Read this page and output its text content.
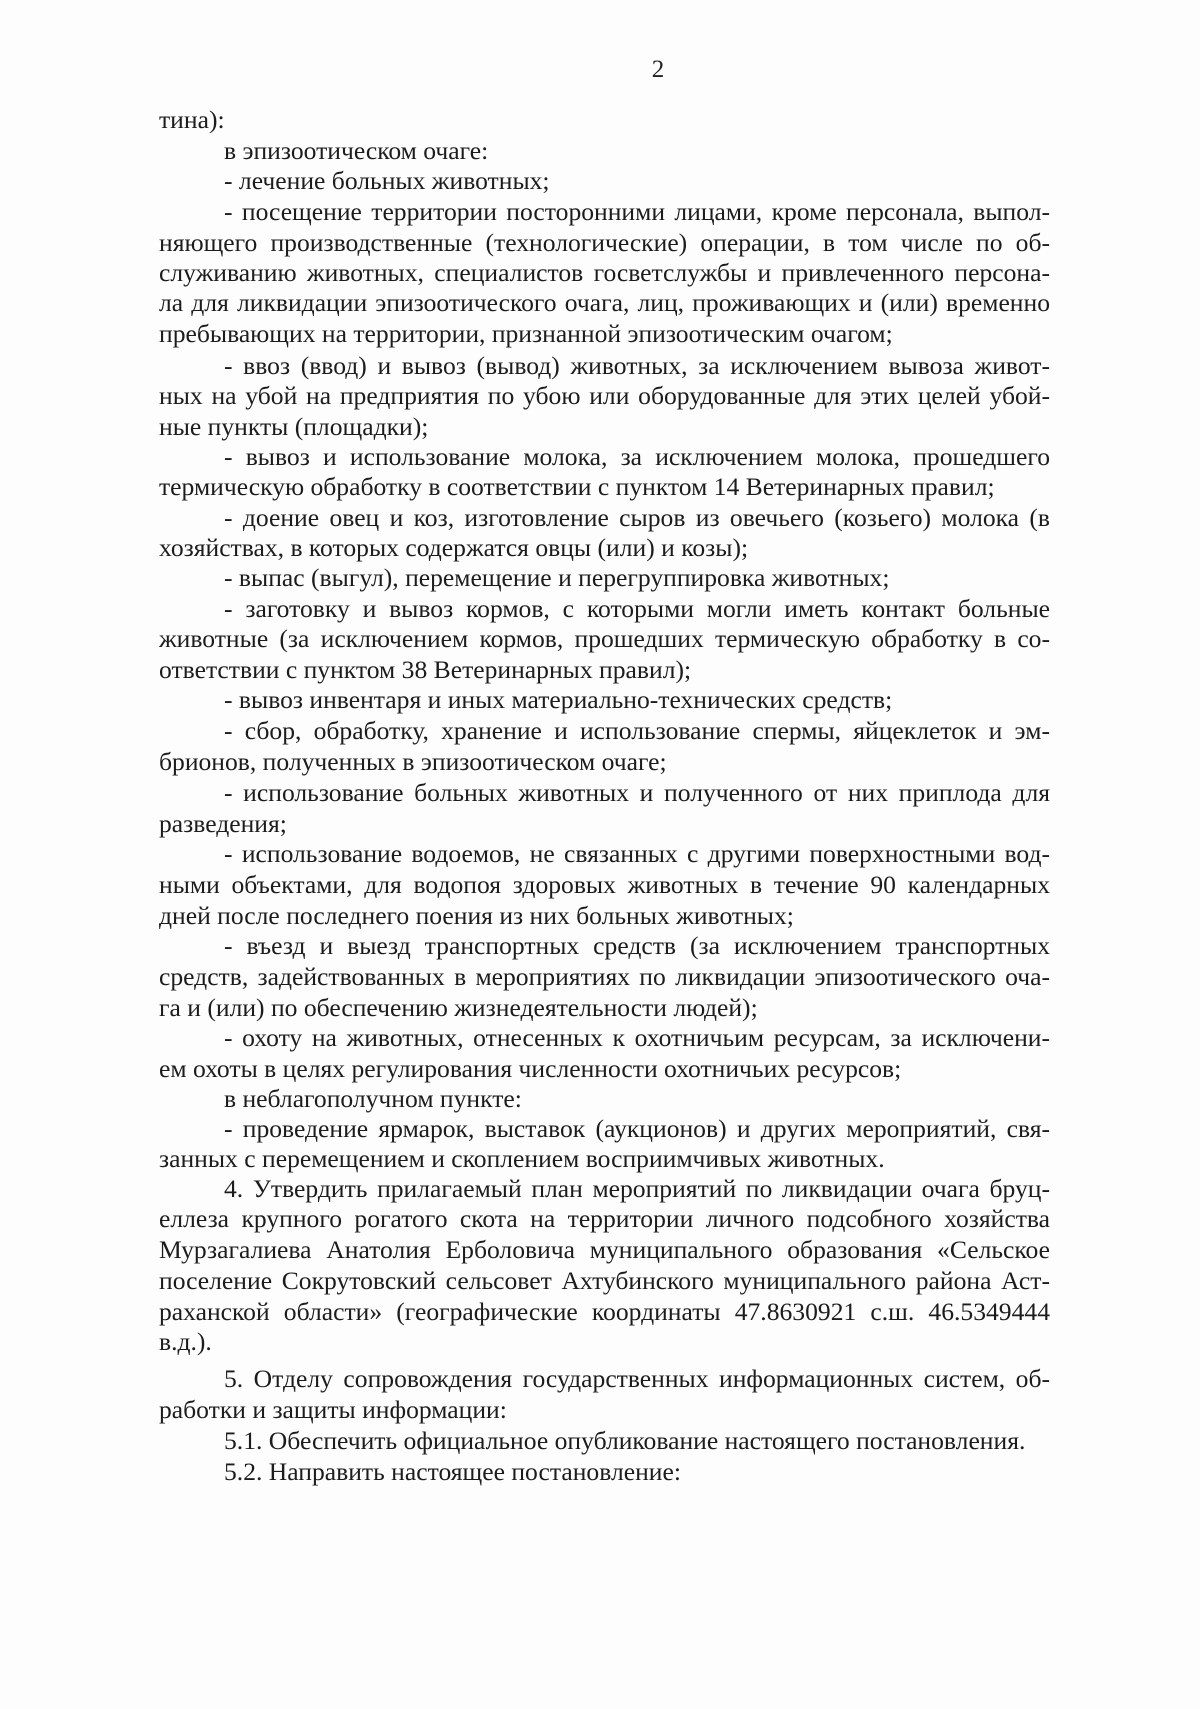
2
тина):
в эпизоотическом очаге:
- лечение больных животных;
- посещение территории посторонними лицами, кроме персонала, выпол-
няющего производственные (технологические) операции, в том числе по об-
служиванию животных, специалистов госветслужбы и привлеченного персона-
ла для ликвидации эпизоотического очага, лиц, проживающих и (или) временно
пребывающих на территории, признанной эпизоотическим очагом;
- ввоз (ввод) и вывоз (вывод) животных, за исключением вывоза живот-
ных на убой на предприятия по убою или оборудованные для этих целей убой-
ные пункты (площадки);
- вывоз и использование молока, за исключением молока, прошедшего
термическую обработку в соответствии с пунктом 14 Ветеринарных правил;
- доение овец и коз, изготовление сыров из овечьего (козьего) молока (в
хозяйствах, в которых содержатся овцы (или) и козы);
- выпас (выгул), перемещение и перегруппировка животных;
- заготовку и вывоз кормов, с которыми могли иметь контакт больные
животные (за исключением кормов, прошедших термическую обработку в со-
ответствии с пунктом 38 Ветеринарных правил);
- вывоз инвентаря и иных материально-технических средств;
- сбор, обработку, хранение и использование спермы, яйцеклеток и эм-
брионов, полученных в эпизоотическом очаге;
- использование больных животных и полученного от них приплода для
разведения;
- использование водоемов, не связанных с другими поверхностными вод-
ными объектами, для водопоя здоровых животных в течение 90 календарных
дней после последнего поения из них больных животных;
- въезд и выезд транспортных средств (за исключением транспортных
средств, задействованных в мероприятиях по ликвидации эпизоотического оча-
га и (или) по обеспечению жизнедеятельности людей);
- охоту на животных, отнесенных к охотничьим ресурсам, за исключени-
ем охоты в целях регулирования численности охотничьих ресурсов;
в неблагополучном пункте:
- проведение ярмарок, выставок (аукционов) и других мероприятий, свя-
занных с перемещением и скоплением восприимчивых животных.
4. Утвердить прилагаемый план мероприятий по ликвидации очага бруц-
еллеза крупного рогатого скота на территории личного подсобного хозяйства
Мурзагалиева Анатолия Ерболовича муниципального образования «Сельское
поселение Сокрутовский сельсовет Ахтубинского муниципального района Аст-
раханской области» (географические координаты 47.8630921 с.ш. 46.5349444
в.д.).
5. Отделу сопровождения государственных информационных систем, об-
работки и защиты информации:
5.1. Обеспечить официальное опубликование настоящего постановления.
5.2. Направить настоящее постановление:
